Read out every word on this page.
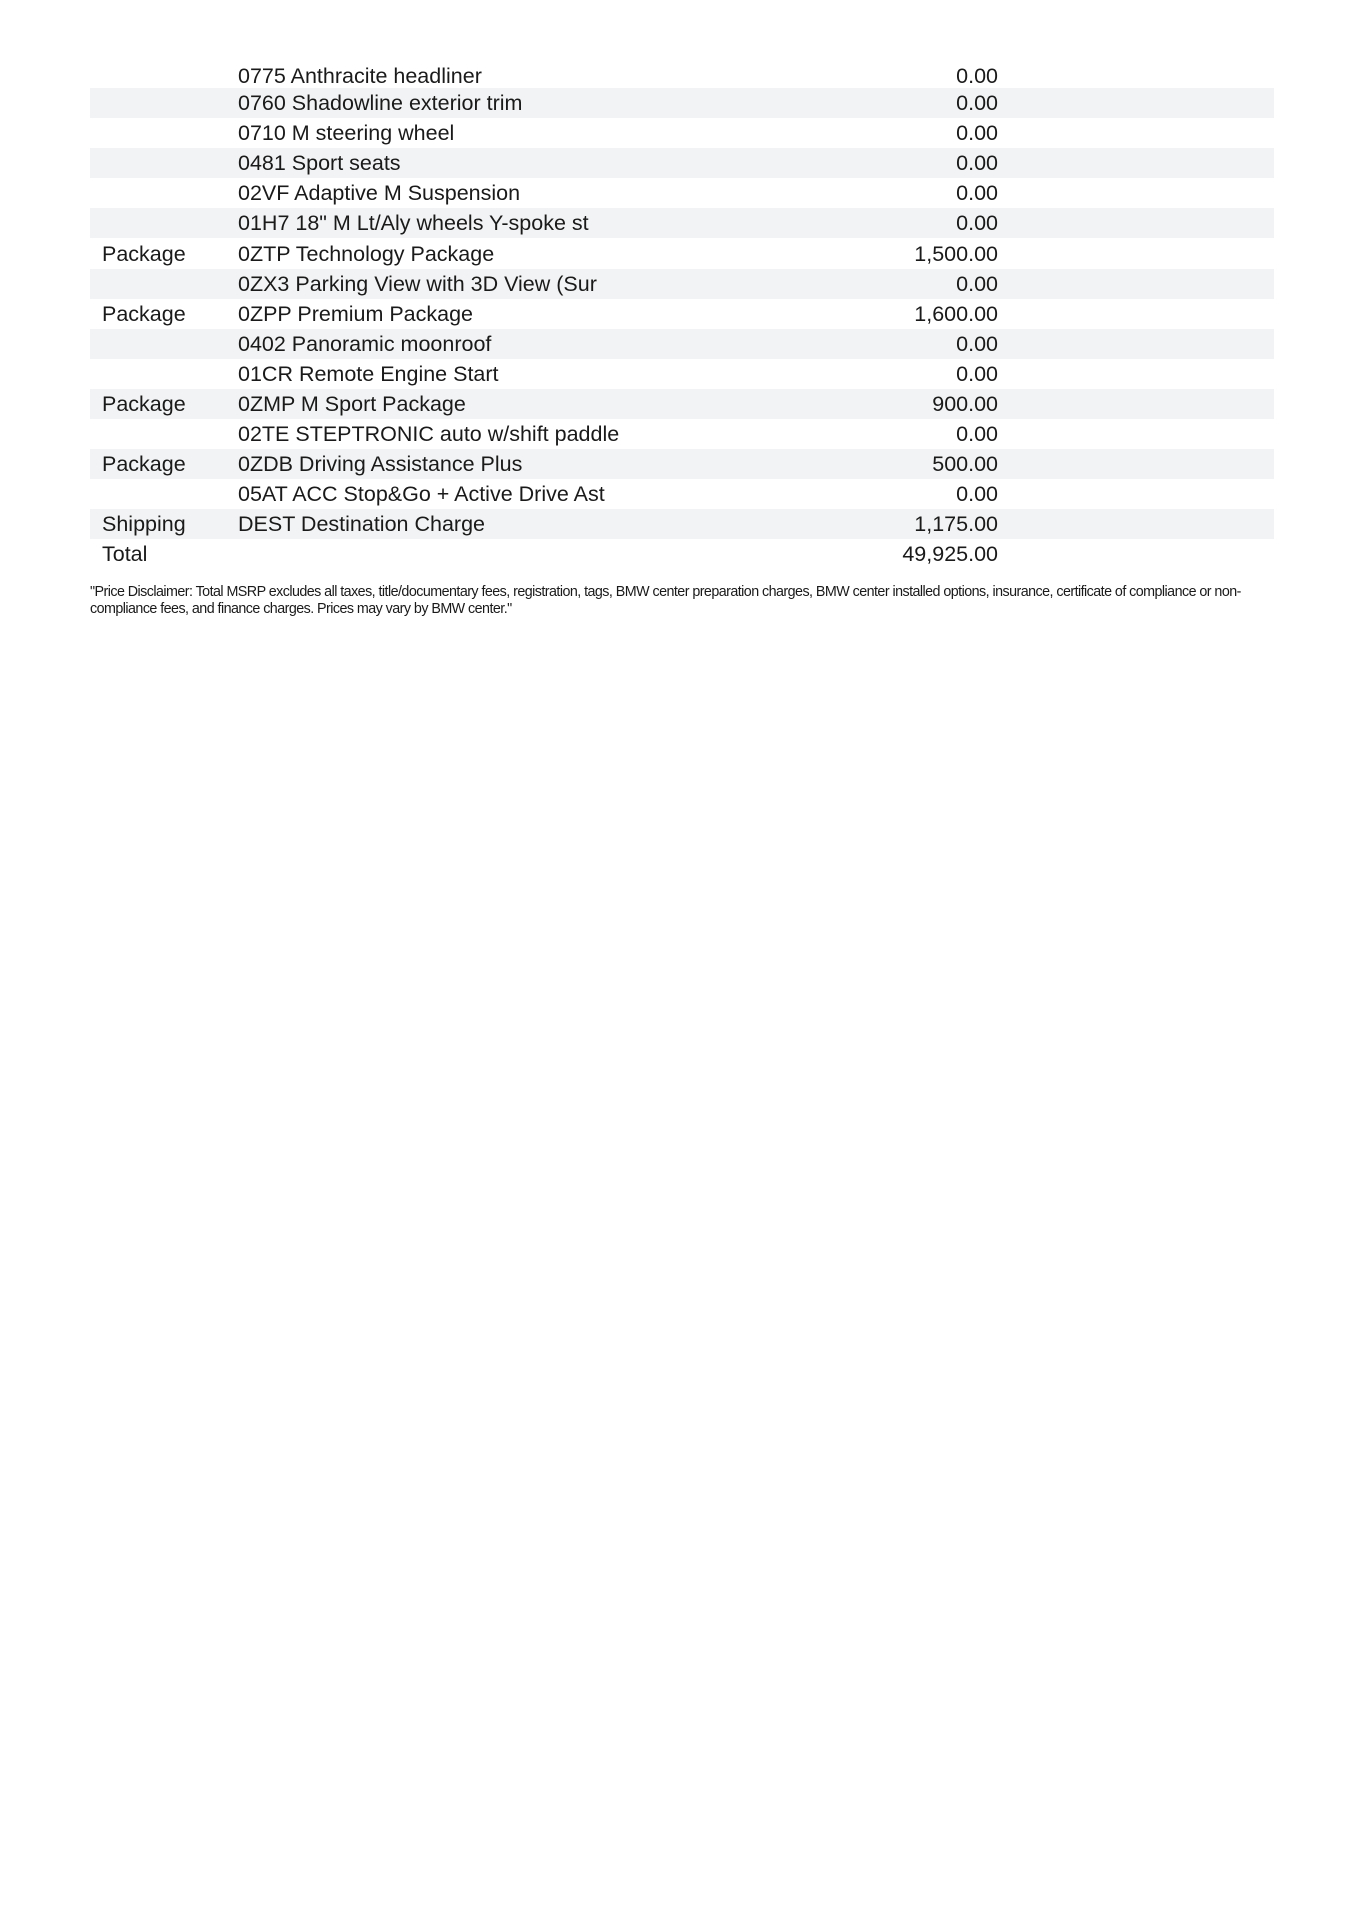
0775 Anthracite headliner	0.00
0760 Shadowline exterior trim	0.00
0710 M steering wheel	0.00
0481 Sport seats	0.00
02VF Adaptive M Suspension	0.00
01H7 18" M Lt/Aly wheels Y-spoke st	0.00
Package	0ZTP Technology Package	1,500.00
0ZX3 Parking View with 3D View (Sur	0.00
Package	0ZPP Premium Package	1,600.00
0402 Panoramic moonroof	0.00
01CR Remote Engine Start	0.00
Package	0ZMP M Sport Package	900.00
02TE STEPTRONIC auto w/shift paddle	0.00
Package	0ZDB Driving Assistance Plus	500.00
05AT ACC Stop&Go + Active Drive Ast	0.00
Shipping	DEST Destination Charge	1,175.00
Total	49,925.00
"Price Disclaimer: Total MSRP excludes all taxes, title/documentary fees, registration, tags, BMW center preparation charges, BMW center installed options, insurance, certificate of compliance or non-compliance fees, and finance charges. Prices may vary by BMW center."
